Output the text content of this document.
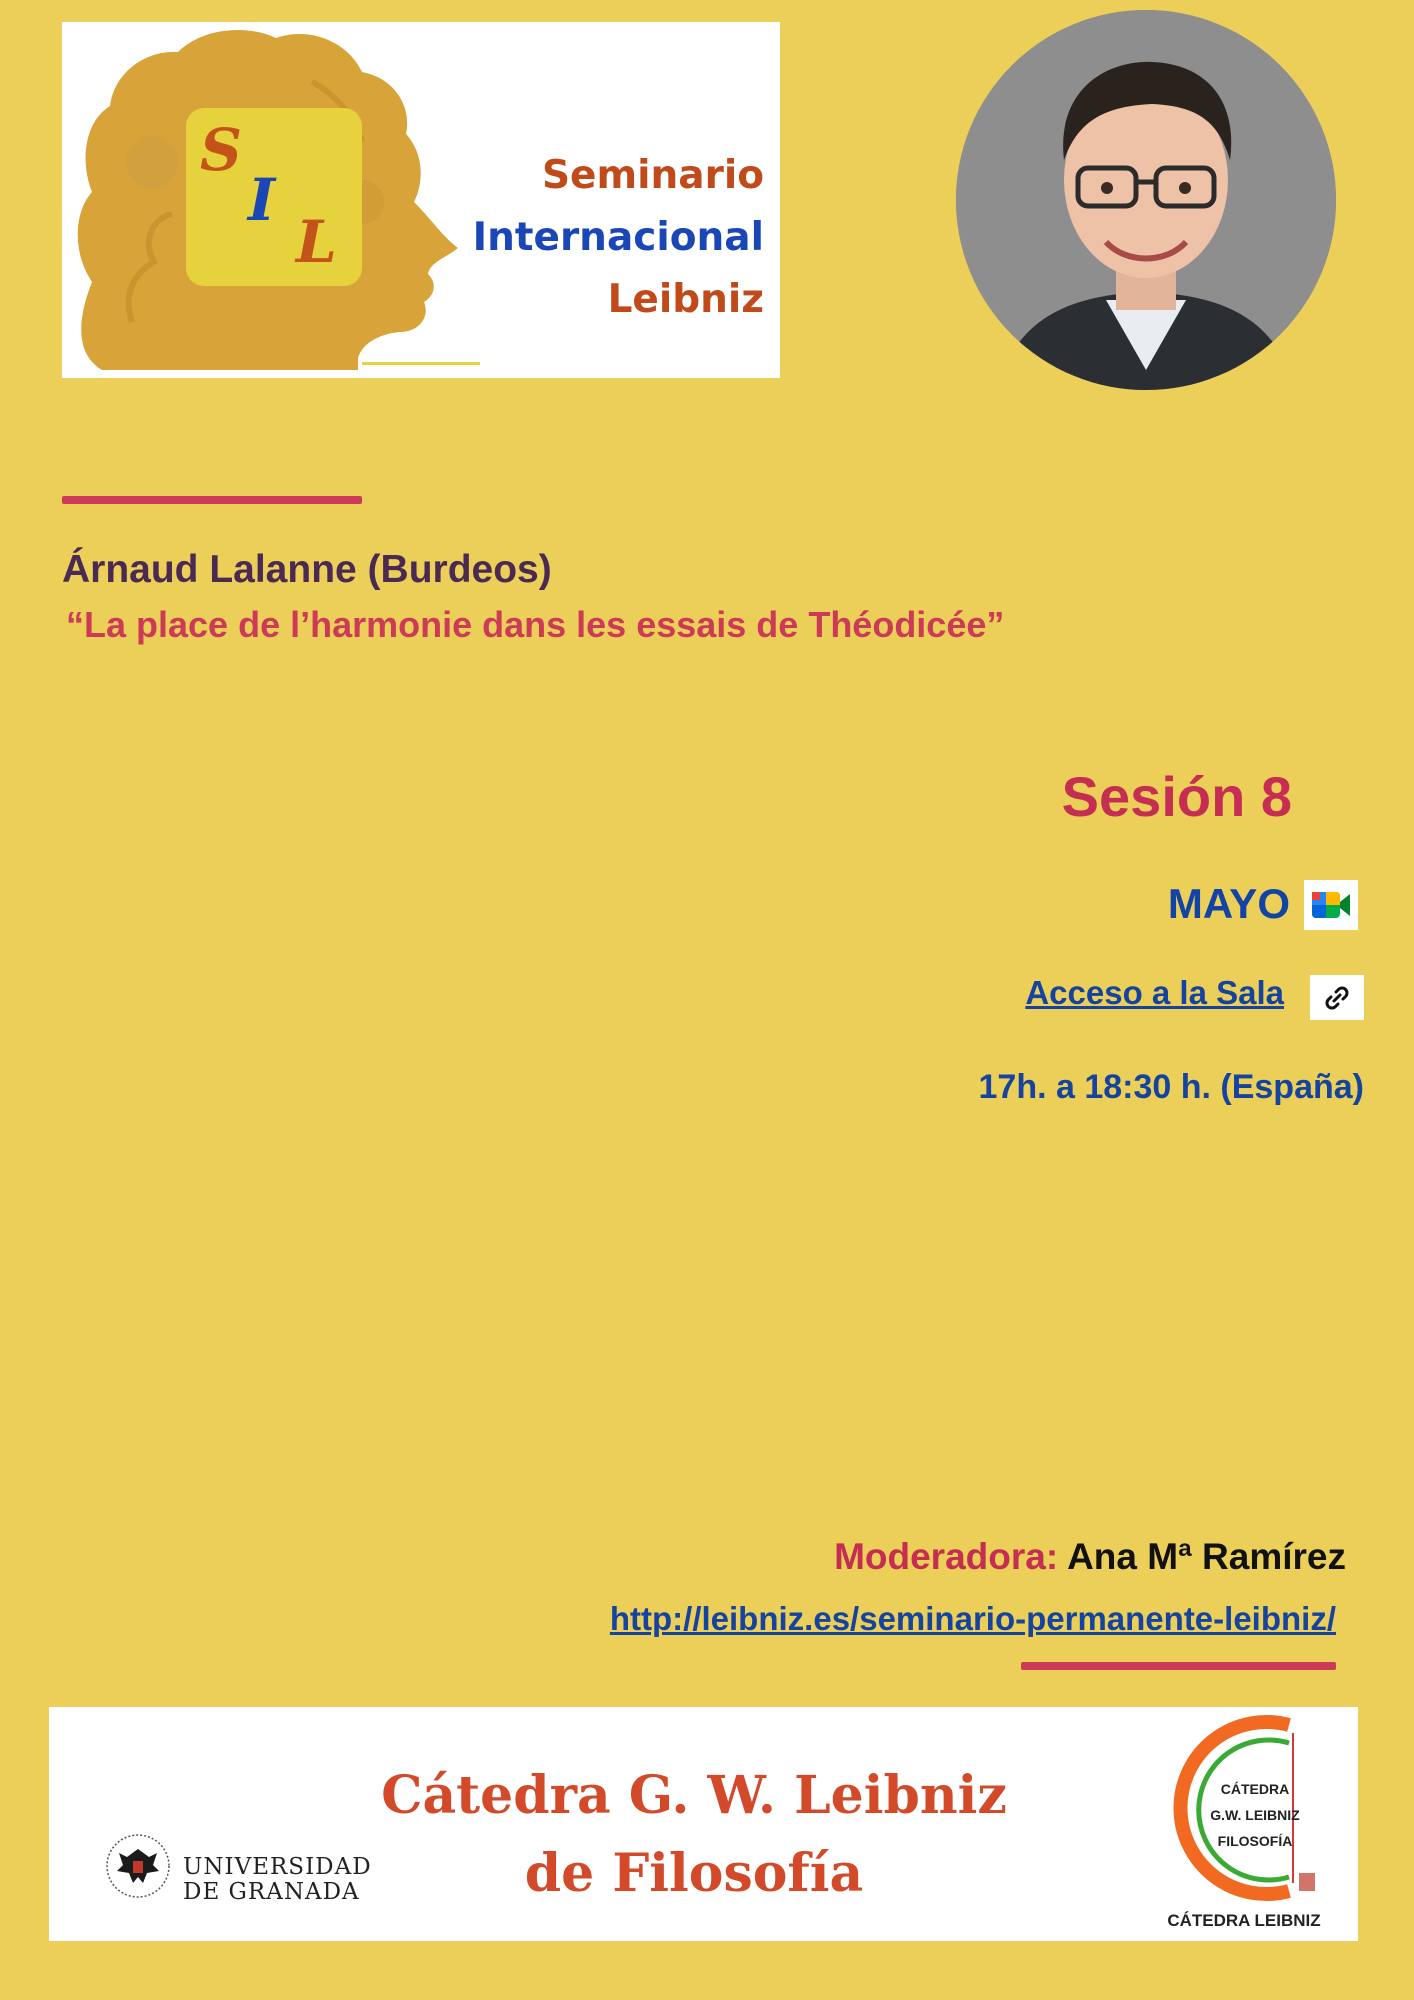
S
I
L
Seminario
Internacional
Leibniz
Árnaud Lalanne (Burdeos)
“La place de l’harmonie dans les essais de Théodicée”
Sesión 8
MAYO
Acceso a la Sala
17h. a 18:30 h. (España)
Moderadora: Ana Mª Ramírez
http://leibniz.es/seminario-permanente-leibniz/
UNIVERSIDAD
DE GRANADA
Cátedra G. W. Leibniz
de Filosofía
CÁTEDRA
G.W. LEIBNIZ
FILOSOFÍA
CÁTEDRA LEIBNIZ
